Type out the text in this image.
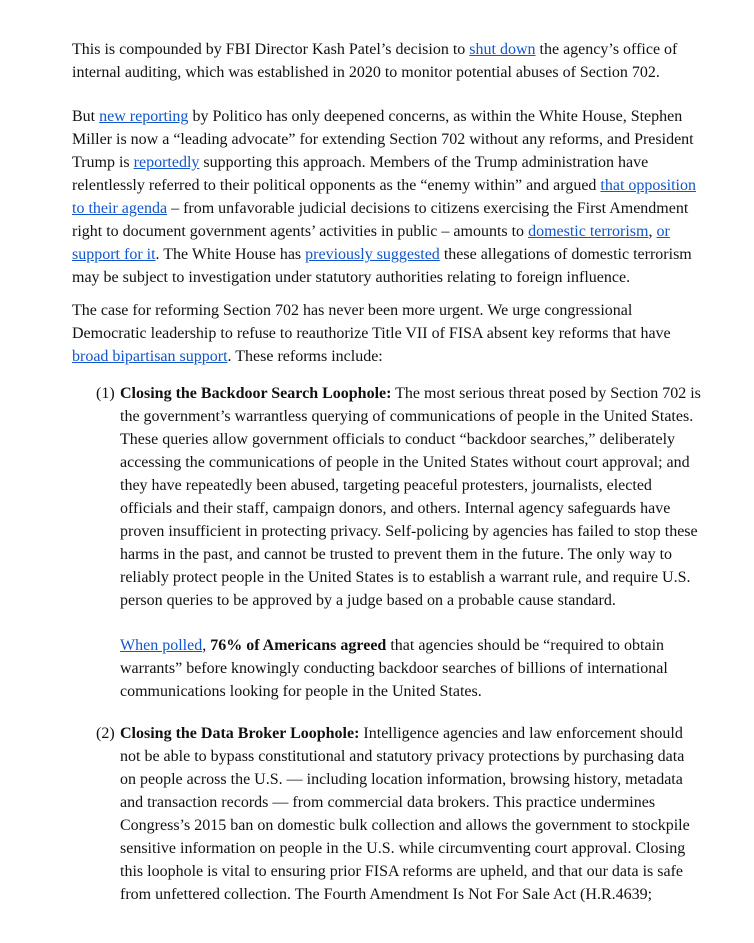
This is compounded by FBI Director Kash Patel’s decision to shut down the agency’s office of internal auditing, which was established in 2020 to monitor potential abuses of Section 702.

But new reporting by Politico has only deepened concerns, as within the White House, Stephen Miller is now a “leading advocate” for extending Section 702 without any reforms, and President Trump is reportedly supporting this approach. Members of the Trump administration have relentlessly referred to their political opponents as the “enemy within” and argued that opposition to their agenda – from unfavorable judicial decisions to citizens exercising the First Amendment right to document government agents’ activities in public – amounts to domestic terrorism, or support for it. The White House has previously suggested these allegations of domestic terrorism may be subject to investigation under statutory authorities relating to foreign influence.

The case for reforming Section 702 has never been more urgent. We urge congressional Democratic leadership to refuse to reauthorize Title VII of FISA absent key reforms that have broad bipartisan support. These reforms include:

(1) Closing the Backdoor Search Loophole: The most serious threat posed by Section 702 is the government’s warrantless querying of communications of people in the United States. These queries allow government officials to conduct “backdoor searches,” deliberately accessing the communications of people in the United States without court approval; and they have repeatedly been abused, targeting peaceful protesters, journalists, elected officials and their staff, campaign donors, and others. Internal agency safeguards have proven insufficient in protecting privacy. Self-policing by agencies has failed to stop these harms in the past, and cannot be trusted to prevent them in the future. The only way to reliably protect people in the United States is to establish a warrant rule, and require U.S. person queries to be approved by a judge based on a probable cause standard.

When polled, 76% of Americans agreed that agencies should be “required to obtain warrants” before knowingly conducting backdoor searches of billions of international communications looking for people in the United States.

(2) Closing the Data Broker Loophole: Intelligence agencies and law enforcement should not be able to bypass constitutional and statutory privacy protections by purchasing data on people across the U.S. — including location information, browsing history, metadata and transaction records — from commercial data brokers. This practice undermines Congress’s 2015 ban on domestic bulk collection and allows the government to stockpile sensitive information on people in the U.S. while circumventing court approval. Closing this loophole is vital to ensuring prior FISA reforms are upheld, and that our data is safe from unfettered collection. The Fourth Amendment Is Not For Sale Act (H.R.4639;
